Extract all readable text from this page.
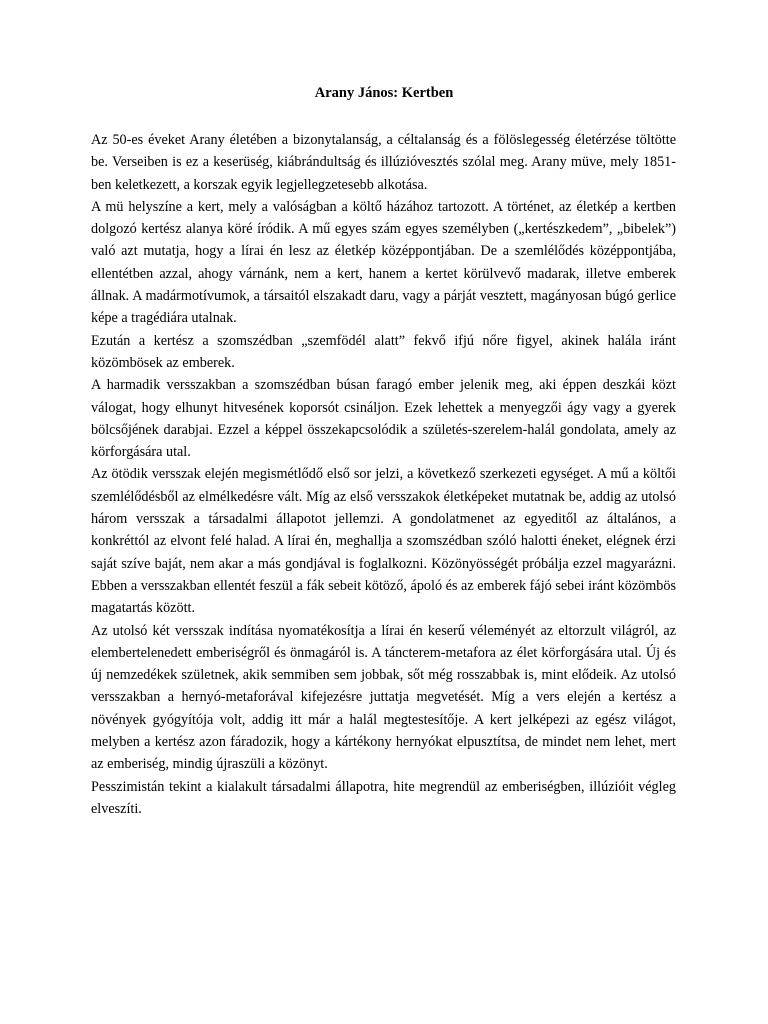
Arany János: Kertben

Az 50-es éveket Arany életében a bizonytalanság, a céltalanság és a fölöslegesség életérzése töltötte be. Verseiben is ez a keserüség, kiábrándultság és illúzióvesztés szólal meg. Arany müve, mely 1851-ben keletkezett, a korszak egyik legjellegzetesebb alkotása.

A mü helyszíne a kert, mely a valóságban a költő házához tartozott. A történet, az életkép a kertben dolgozó kertész alanya köré íródik. A mű egyes szám egyes személyben („kertészkedem”, „bibelek”) való azt mutatja, hogy a lírai én lesz az életkép középpontjában. De a szemlélődés középpontjába, ellentétben azzal, ahogy várnánk, nem a kert, hanem a kertet körülvevő madarak, illetve emberek állnak. A madármotívumok, a társaitól elszakadt daru, vagy a párját vesztett, magányosan búgó gerlice képe a tragédiára utalnak.

Ezután a kertész a szomszédban „szemfödél alatt” fekvő ifjú nőre figyel, akinek halála iránt közömbösek az emberek.

A harmadik versszakban a szomszédban búsan faragó ember jelenik meg, aki éppen deszkái közt válogat, hogy elhunyt hitvesének koporsót csináljon. Ezek lehettek a menyegzői ágy vagy a gyerek bölcsőjének darabjai. Ezzel a képpel összekapcsolódik a születés-szerelem-halál gondolata, amely az körforgására utal.

Az ötödik versszak elején megismétlődő első sor jelzi, a következő szerkezeti egységet. A mű a költői szemlélődésből az elmélkedésre vált. Míg az első versszakok életképeket mutatnak be, addig az utolsó három versszak a társadalmi állapotot jellemzi. A gondolatmenet az egyeditől az általános, a konkréttól az elvont felé halad. A lírai én, meghallja a szomszédban szóló halotti éneket, elégnek érzi saját szíve baját, nem akar a más gondjával is foglalkozni. Közönyösségét próbálja ezzel magyarázni. Ebben a versszakban ellentét feszül a fák sebeit kötöző, ápoló és az emberek fájó sebei iránt közömbös magatartás között.

Az utolsó két versszak indítása nyomatékosítja a lírai én keserű véleményét az eltorzult világról, az elembertelenedett emberiségről és önmagáról is. A táncterem-metafora az élet körforgására utal. Új és új nemzedékek születnek, akik semmiben sem jobbak, sőt még rosszabbak is, mint elődeik. Az utolsó versszakban a hernyó-metaforával kifejezésre juttatja megvetését. Míg a vers elején a kertész a növények gyógyítója volt, addig itt már a halál megtestesítője. A kert jelképezi az egész világot, melyben a kertész azon fáradozik, hogy a kártékony hernyókat elpusztítsa, de mindet nem lehet, mert az emberiség, mindig újraszüli a közönyt.

Pesszimistán tekint a kialakult társadalmi állapotra, hite megrendül az emberiségben, illúzióit végleg elveszíti.
